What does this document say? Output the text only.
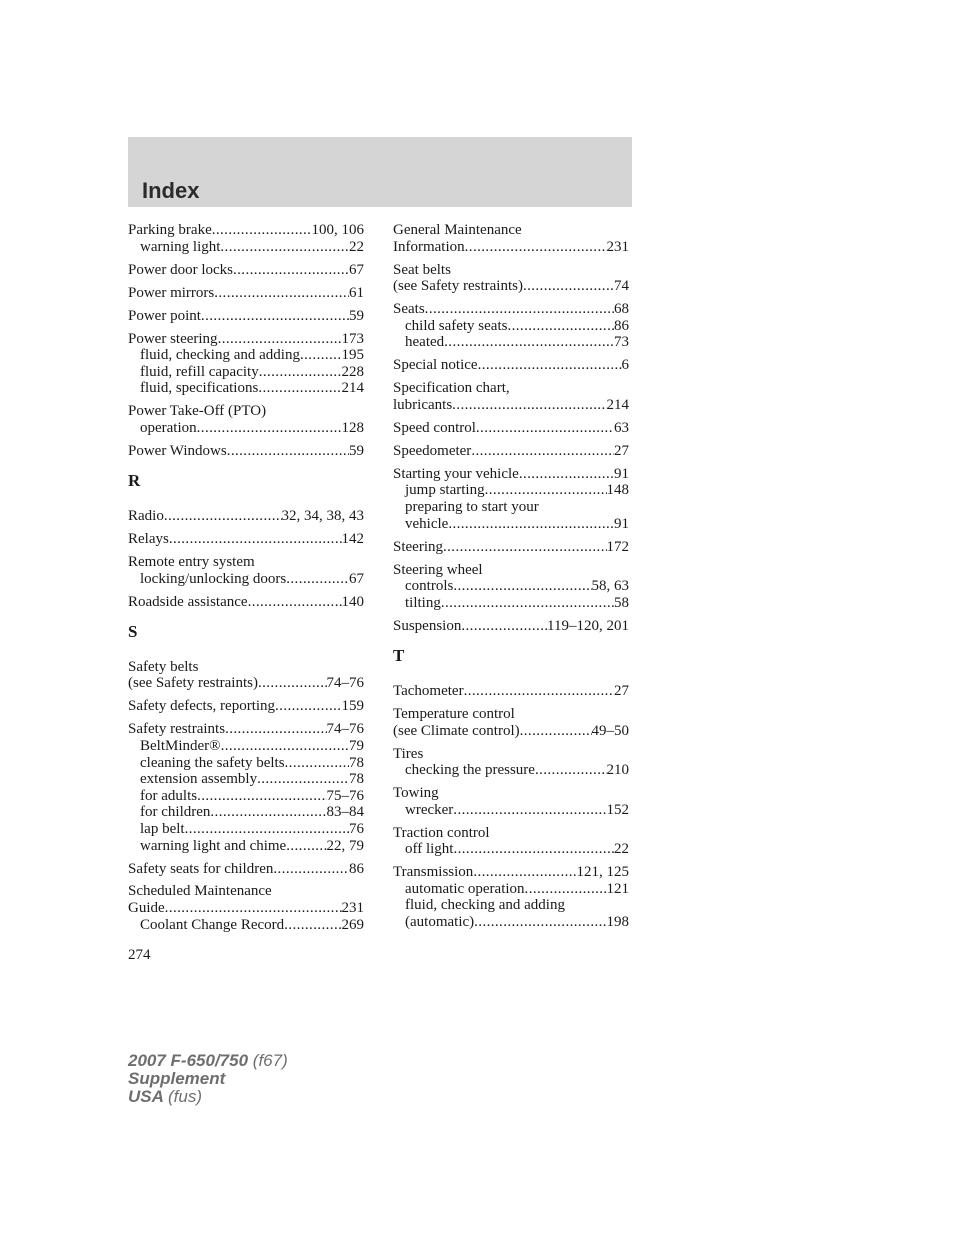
Index
Parking brake .....	100, 106
warning light .....	22
Power door locks .....	67
Power mirrors .....	61
Power point .....	59
Power steering .....	173
fluid, checking and adding .....	195
fluid, refill capacity .....	228
fluid, specifications .....	214
Power Take-Off (PTO)
operation .....	128
Power Windows .....	59
R
Radio .....	32, 34, 38, 43
Relays .....	142
Remote entry system
locking/unlocking doors .....	67
Roadside assistance .....	140
S
Safety belts
(see Safety restraints) .....	74–76
Safety defects, reporting .....	159
Safety restraints .....	74–76
BeltMinder® .....	79
cleaning the safety belts .....	78
extension assembly .....	78
for adults .....	75–76
for children .....	83–84
lap belt .....	76
warning light and chime .....	22, 79
Safety seats for children .....	86
Scheduled Maintenance
Guide .....	231
Coolant Change Record .....	269
General Maintenance
Information .....	231
Seat belts
(see Safety restraints) .....	74
Seats .....	68
child safety seats .....	86
heated .....	73
Special notice .....	6
Specification chart,
lubricants .....	214
Speed control .....	63
Speedometer .....	27
Starting your vehicle .....	91
jump starting .....	148
preparing to start your
vehicle .....	91
Steering .....	172
Steering wheel
controls .....	58, 63
tilting .....	58
Suspension .....	119–120, 201
T
Tachometer .....	27
Temperature control
(see Climate control) .....	49–50
Tires
checking the pressure .....	210
Towing
wrecker .....	152
Traction control
off light .....	22
Transmission .....	121, 125
automatic operation .....	121
fluid, checking and adding
(automatic) .....	198
274
2007 F-650/750 (f67)
Supplement
USA (fus)
